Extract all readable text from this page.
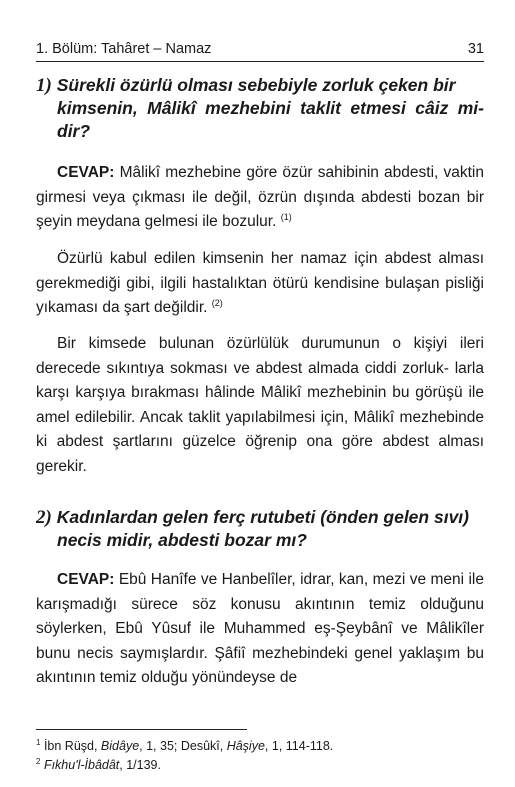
1. Bölüm: Tahâret – Namaz	31
1) Sürekli özürlü olması sebebiyle zorluk çeken bir
kimsenin, Mâlikî mezhebini taklit etmesi câiz mi- dir?

CEVAP: Mâlikî mezhebine göre özür sahibinin abdesti, vaktin girmesi veya çıkması ile değil, özrün dışında abdesti bozan bir şeyin meydana gelmesi ile bozulur. $^{(1)}$

Özürlü kabul edilen kimsenin her namaz için abdest alması gerekmediği gibi, ilgili hastalıktan ötürü kendisine bulaşan pisliği yıkaması da şart değildir. $^{(2)}$

Bir kimsede bulunan özürlülük durumunun o kişiyi ileri derecede sıkıntıya sokması ve abdest almada ciddi zorluk- larla karşı karşıya bırakması hâlinde Mâlikî mezhebinin bu görüşü ile amel edilebilir. Ancak taklit yapılabilmesi için, Mâlikî mezhebinde ki abdest şartlarını güzelce öğrenip ona göre abdest alması gerekir.

2) Kadınlardan gelen ferç rutubeti (önden gelen sıvı)
necis midir, abdesti bozar mı?

CEVAP: Ebû Hanîfe ve Hanbelîler, idrar, kan, mezi ve meni ile karışmadığı sürece söz konusu akıntının temiz olduğunu söylerken, Ebû Yûsuf ile Muhammed eş-Şeybânî ve Mâlikîler bunu necis saymışlardır. Şâfiî mezhebindeki genel yaklaşım bu akıntının temiz olduğu yönündeyse de

$^1$ İbn Rüşd, Bidâye, 1, 35; Desûkî, Hâşiye, 1, 114-118.
$^2$ Fıkhu'l-İbâdât, 1/139.
